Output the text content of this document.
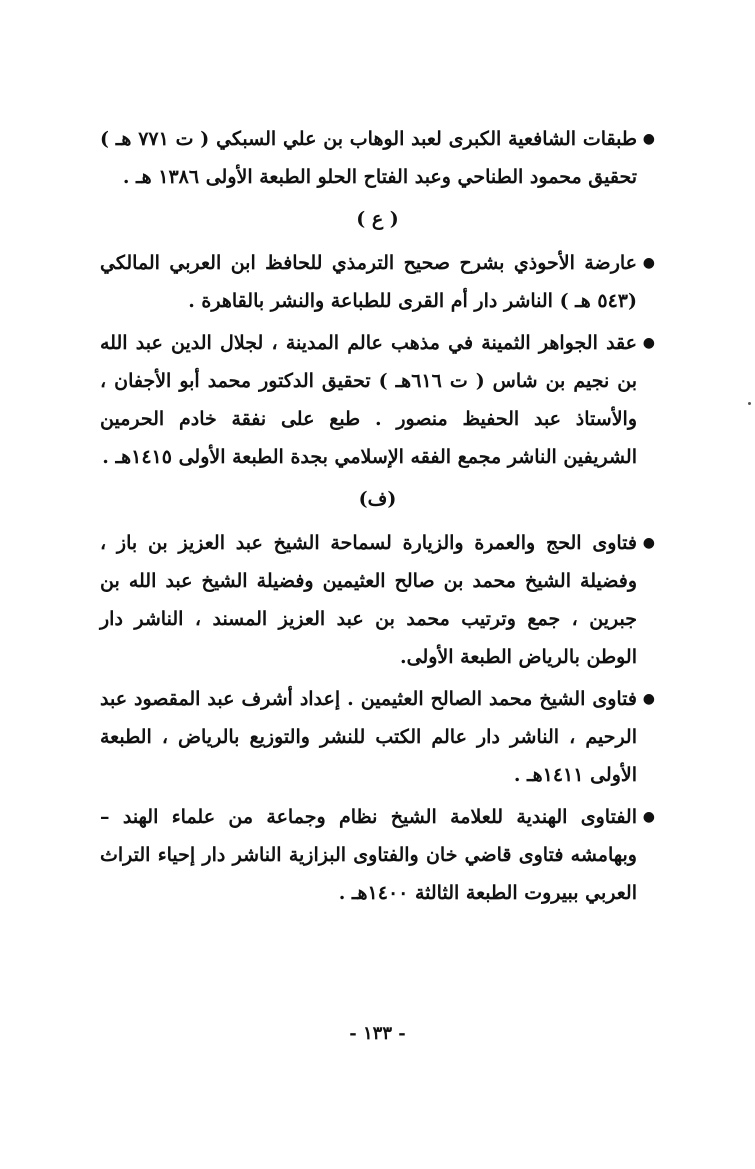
●
طبقات الشافعية الكبرى لعبد الوهاب بن علي السبكي ( ت ٧٧١ هـ ) تحقيق محمود الطناحي وعبد الفتاح الحلو الطبعة الأولى ١٣٨٦ هـ .

( ع )

●
عارضة الأحوذي بشرح صحيح الترمذي للحافظ ابن العربي المالكي (٥٤٣ هـ ) الناشر دار أم القرى للطباعة والنشر بالقاهرة .

●
عقد الجواهر الثمينة في مذهب عالم المدينة ، لجلال الدين عبد الله بن نجيم بن شاس ( ت ٦١٦هـ ) تحقيق الدكتور محمد أبو الأجفان ، والأستاذ عبد الحفيظ منصور . طبع على نفقة خادم الحرمين الشريفين الناشر مجمع الفقه الإسلامي بجدة الطبعة الأولى ١٤١٥هـ .

(ف)

●
فتاوى الحج والعمرة والزيارة لسماحة الشيخ عبد العزيز بن باز ، وفضيلة الشيخ محمد بن صالح العثيمين وفضيلة الشيخ عبد الله بن جبرين ، جمع وترتيب محمد بن عبد العزيز المسند ، الناشر دار الوطن بالرياض الطبعة الأولى.

●
فتاوى الشيخ محمد الصالح العثيمين . إعداد أشرف عبد المقصود عبد الرحيم ، الناشر دار عالم الكتب للنشر والتوزيع بالرياض ، الطبعة الأولى ١٤١١هـ .

●
الفتاوى الهندية للعلامة الشيخ نظام وجماعة من علماء الهند – وبهامشه فتاوى قاضي خان والفتاوى البزازية الناشر دار إحياء التراث العربي ببيروت الطبعة الثالثة ١٤٠٠هـ .

- ١٣٣ -
